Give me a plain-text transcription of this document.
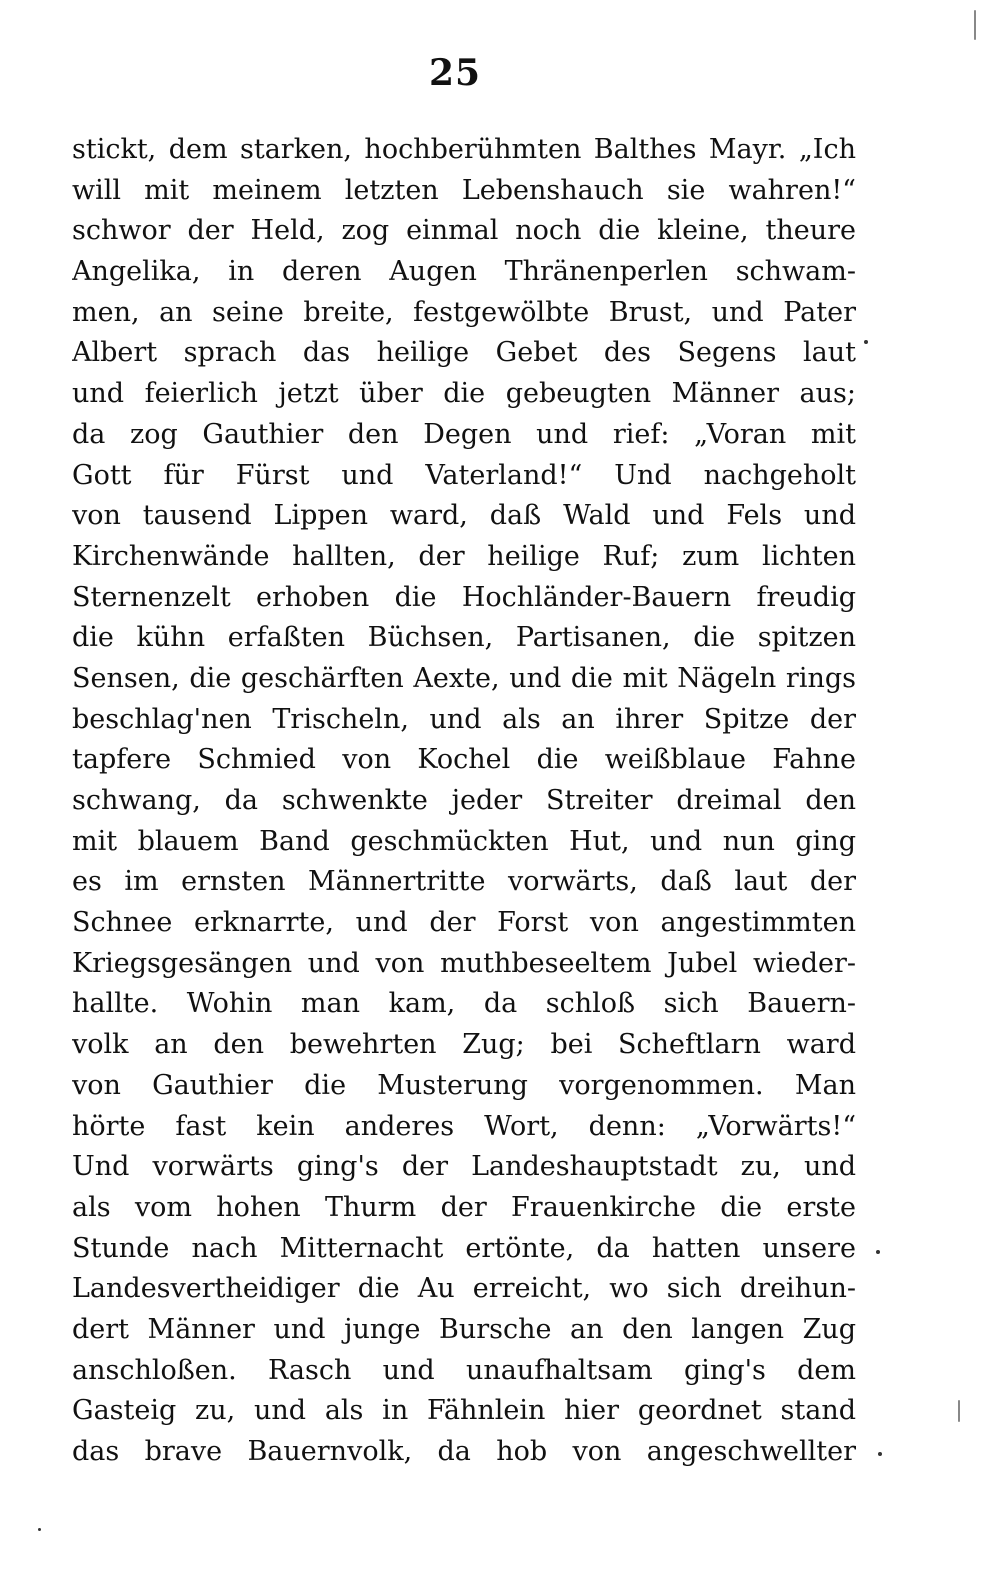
25
stickt, dem starken, hochberühmten Balthes Mayr. „Ich
will mit meinem letzten Lebenshauch sie wahren!“
schwor der Held, zog einmal noch die kleine, theure
Angelika, in deren Augen Thränenperlen schwam-
men, an seine breite, festgewölbte Brust, und Pater
Albert sprach das heilige Gebet des Segens laut
und feierlich jetzt über die gebeugten Männer aus;
da zog Gauthier den Degen und rief: „Voran mit
Gott für Fürst und Vaterland!“ Und nachgeholt
von tausend Lippen ward, daß Wald und Fels und
Kirchenwände hallten, der heilige Ruf; zum lichten
Sternenzelt erhoben die Hochländer-Bauern freudig
die kühn erfaßten Büchsen, Partisanen, die spitzen
Sensen, die geschärften Aexte, und die mit Nägeln rings
beschlag'nen Trischeln, und als an ihrer Spitze der
tapfere Schmied von Kochel die weißblaue Fahne
schwang, da schwenkte jeder Streiter dreimal den
mit blauem Band geschmückten Hut, und nun ging
es im ernsten Männertritte vorwärts, daß laut der
Schnee erknarrte, und der Forst von angestimmten
Kriegsgesängen und von muthbeseeltem Jubel wieder-
hallte. Wohin man kam, da schloß sich Bauern-
volk an den bewehrten Zug; bei Scheftlarn ward
von Gauthier die Musterung vorgenommen. Man
hörte fast kein anderes Wort, denn: „Vorwärts!“
Und vorwärts ging's der Landeshauptstadt zu, und
als vom hohen Thurm der Frauenkirche die erste
Stunde nach Mitternacht ertönte, da hatten unsere
Landesvertheidiger die Au erreicht, wo sich dreihun-
dert Männer und junge Bursche an den langen Zug
anschloßen. Rasch und unaufhaltsam ging's dem
Gasteig zu, und als in Fähnlein hier geordnet stand
das brave Bauernvolk, da hob von angeschwellter
